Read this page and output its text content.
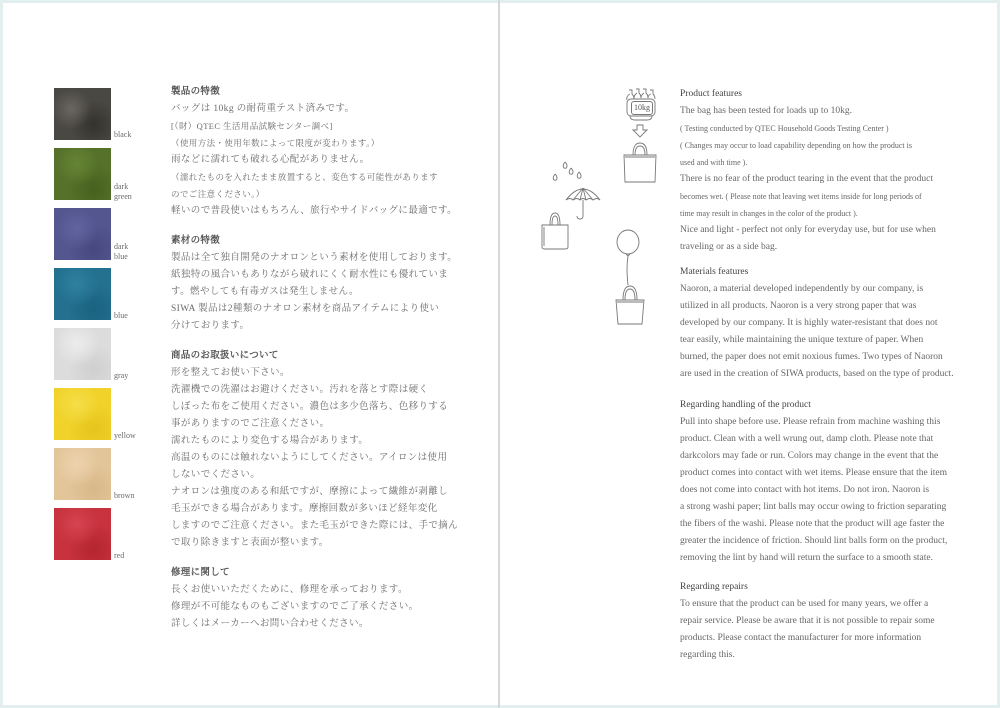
black
dark
green
dark
blue
blue
gray
yellow
brown
red
製品の特徴
バッグは 10kg の耐荷重テスト済みです。
[（財）QTEC 生活用品試験センター調べ]
（使用方法・使用年数によって限度が変わります。）
雨などに濡れても破れる心配がありません。
（濡れたものを入れたまま放置すると、変色する可能性があります
のでご注意ください。）
軽いので普段使いはもちろん、旅行やサイドバッグに最適です。
素材の特徴
製品は全て独自開発のナオロンという素材を使用しております。
紙独特の風合いもありながら破れにくく耐水性にも優れていま
す。燃やしても有毒ガスは発生しません。
SIWA 製品は2種類のナオロン素材を商品アイテムにより使い
分けております。
商品のお取扱いについて
形を整えてお使い下さい。
洗濯機での洗濯はお避けください。汚れを落とす際は硬く
しぼった布をご使用ください。濃色は多少色落ち、色移りする
事がありますのでご注意ください。
濡れたものにより変色する場合があります。
高温のものには触れないようにしてください。アイロンは使用
しないでください。
ナオロンは強度のある和紙ですが、摩擦によって繊維が剥離し
毛玉ができる場合があります。摩擦回数が多いほど経年変化
しますのでご注意ください。また毛玉ができた際には、手で摘ん
で取り除きますと表面が整います。
修理に関して
長くお使いいただくために、修理を承っております。
修理が不可能なものもございますのでご了承ください。
詳しくはメーカーへお問い合わせください。
10kg
Product features
The bag has been tested for loads up to 10kg.
( Testing conducted by QTEC Household Goods Testing Center )
( Changes may occur to load capability depending on how the product is
used and with time ).
There is no fear of the product tearing in the event that the product
becomes wet. ( Please note that leaving wet items inside for long periods of
time may result in changes in the color of the product ).
Nice and light - perfect not only for everyday use, but for use when
traveling or as a side bag.
Materials features
Naoron, a material developed independently by our company, is
utilized in all products. Naoron is a very strong paper that was
developed by our company. It is highly water-resistant that does not
tear easily, while maintaining the unique texture of paper. When
burned, the paper does not emit noxious fumes. Two types of Naoron
are used in the creation of SIWA products, based on the type of product.
Regarding handling of the product
Pull into shape before use. Please refrain from machine washing this
product. Clean with a well wrung out, damp cloth. Please note that
darkcolors may fade or run. Colors may change in the event that the
product comes into contact with wet items. Please ensure that the item
does not come into contact with hot items. Do not iron. Naoron is
a strong washi paper; lint balls may occur owing to friction separating
the fibers of the washi. Please note that the product will age faster the
greater the incidence of friction. Should lint balls form on the product,
removing the lint by hand will return the surface to a smooth state.
Regarding repairs
To ensure that the product can be used for many years, we offer a
repair service. Please be aware that it is not possible to repair some
products. Please contact the manufacturer for more information
regarding this.
